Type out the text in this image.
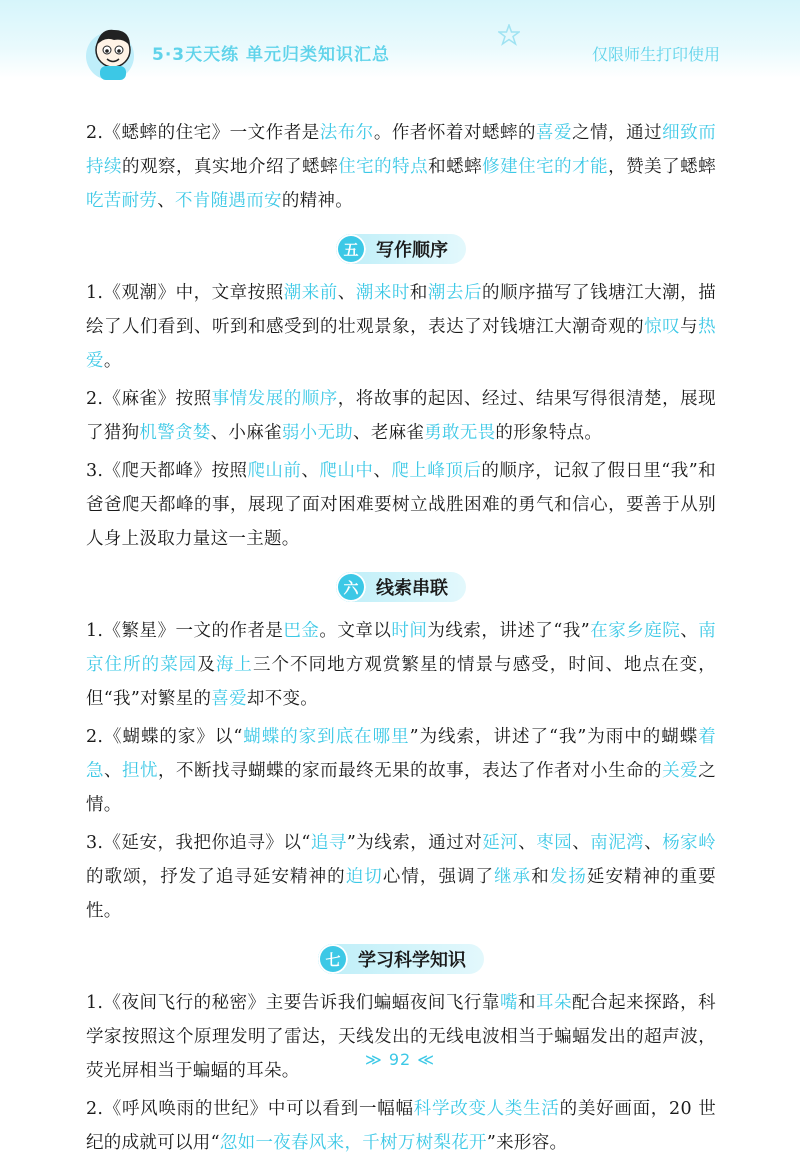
5·3天天练 单元归类知识汇总	仅限师生打印使用

2.《蟋蟀的住宅》一文作者是法布尔。作者怀着对蟋蟀的喜爱之情，通过细致而持续的观察，真实地介绍了蟋蟀住宅的特点和蟋蟀修建住宅的才能，赞美了蟋蟀吃苦耐劳、不肯随遇而安的精神。

五 写作顺序

1.《观潮》中，文章按照潮来前、潮来时和潮去后的顺序描写了钱塘江大潮，描绘了人们看到、听到和感受到的壮观景象，表达了对钱塘江大潮奇观的惊叹与热爱。

2.《麻雀》按照事情发展的顺序，将故事的起因、经过、结果写得很清楚，展现了猎狗机警贪婪、小麻雀弱小无助、老麻雀勇敢无畏的形象特点。

3.《爬天都峰》按照爬山前、爬山中、爬上峰顶后的顺序，记叙了假日里“我”和爸爸爬天都峰的事，展现了面对困难要树立战胜困难的勇气和信心，要善于从别人身上汲取力量这一主题。

六 线索串联

1.《繁星》一文的作者是巴金。文章以时间为线索，讲述了“我”在家乡庭院、南京住所的菜园及海上三个不同地方观赏繁星的情景与感受，时间、地点在变，但“我”对繁星的喜爱却不变。

2.《蝴蝶的家》以“蝴蝶的家到底在哪里”为线索，讲述了“我”为雨中的蝴蝶着急、担忧，不断找寻蝴蝶的家而最终无果的故事，表达了作者对小生命的关爱之情。

3.《延安，我把你追寻》以“追寻”为线索，通过对延河、枣园、南泥湾、杨家岭的歌颂，抒发了追寻延安精神的迫切心情，强调了继承和发扬延安精神的重要性。

七 学习科学知识

1.《夜间飞行的秘密》主要告诉我们蝙蝠夜间飞行靠嘴和耳朵配合起来探路，科学家按照这个原理发明了雷达，天线发出的无线电波相当于蝙蝠发出的超声波，荧光屏相当于蝙蝠的耳朵。

2.《呼风唤雨的世纪》中可以看到一幅幅科学改变人类生活的美好画面，20 世纪的成就可以用“忽如一夜春风来，千树万树梨花开”来形容。

≫ 92 ≪
